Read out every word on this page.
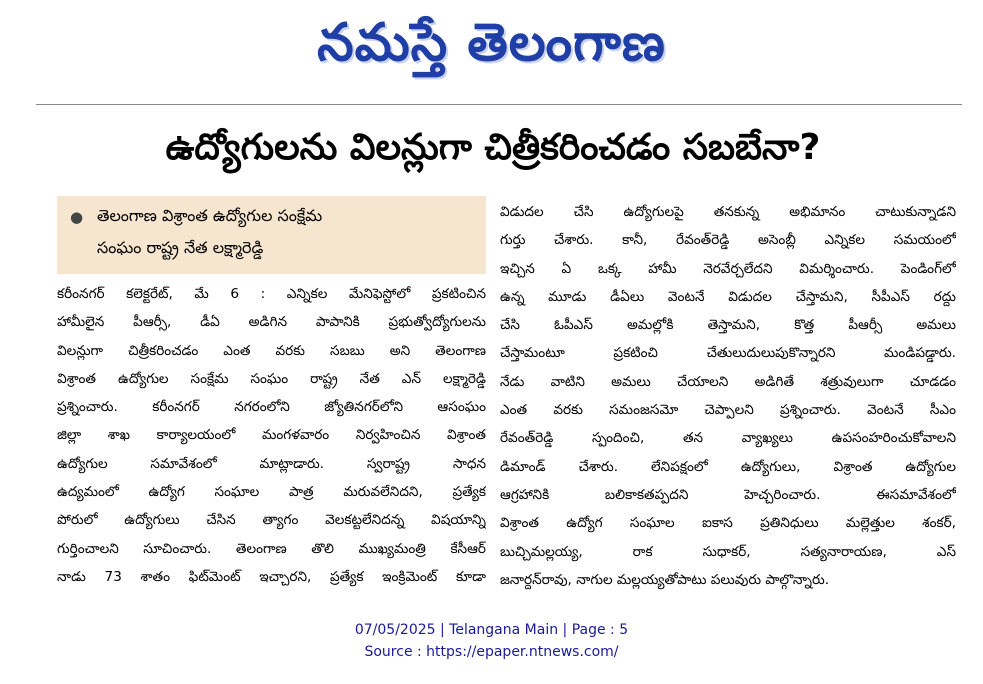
నమస్తే తెలంగాణ
ఉద్యోగులను విలన్లుగా చిత్రీకరించడం సబబేనా?
● తెలంగాణ విశ్రాంత ఉద్యోగుల సంక్షేమ
సంఘం రాష్ట్ర నేత లక్ష్మారెడ్డి
కరీంనగర్ కలెక్టరేట్, మే 6 : ఎన్నికల మేనిఫెస్టోలో ప్రకటించిన
హామీలైన పీఆర్సీ, డీఏ అడిగిన పాపానికి ప్రభుత్వోద్యోగులను
విలన్లుగా చిత్రీకరించడం ఎంత వరకు సబబు అని తెలంగాణ
విశ్రాంత ఉద్యోగుల సంక్షేమ సంఘం రాష్ట్ర నేత ఎన్ లక్ష్మారెడ్డి
ప్రశ్నించారు. కరీంనగర్ నగరంలోని జ్యోతినగర్‌లోని ఆసంఘం
జిల్లా శాఖ కార్యాలయంలో మంగళవారం నిర్వహించిన విశ్రాంత
ఉద్యోగుల సమావేశంలో మాట్లాడారు. స్వరాష్ట్ర సాధన
ఉద్యమంలో ఉద్యోగ సంఘాల పాత్ర మరువలేనిదని, ప్రత్యేక
పోరులో ఉద్యోగులు చేసిన త్యాగం వెలకట్టలేనిదన్న విషయాన్ని
గుర్తించాలని సూచించారు. తెలంగాణ తొలి ముఖ్యమంత్రి కేసీఆర్
నాడు 73 శాతం ఫిట్‌మెంట్ ఇచ్చారని, ప్రత్యేక ఇంక్రిమెంట్ కూడా
విడుదల చేసి ఉద్యోగులపై తనకున్న అభిమానం చాటుకున్నాడని
గుర్తు చేశారు. కానీ, రేవంత్‌రెడ్డి అసెంబ్లీ ఎన్నికల సమయంలో
ఇచ్చిన ఏ ఒక్క హామీ నెరవేర్చలేదని విమర్శించారు. పెండింగ్‌లో
ఉన్న మూడు డీఏలు వెంటనే విడుదల చేస్తామని, సీపీఎస్ రద్దు
చేసి ఓపీఎస్ అమల్లోకి తెస్తామని, కొత్త పీఆర్సీ అమలు
చేస్తామంటూ ప్రకటించి చేతులుదులుపుకొన్నారని మండిపడ్డారు.
నేడు వాటిని అమలు చేయాలని అడిగితే శత్రువులుగా చూడడం
ఎంత వరకు సమంజసమో చెప్పాలని ప్రశ్నించారు. వెంటనే సీఎం
రేవంత్‌రెడ్డి స్పందించి, తన వ్యాఖ్యలు ఉపసంహరించుకోవాలని
డిమాండ్ చేశారు. లేనిపక్షంలో ఉద్యోగులు, విశ్రాంత ఉద్యోగుల
ఆగ్రహానికి బలికాకతప్పదని హెచ్చరించారు. ఈసమావేశంలో
విశ్రాంత ఉద్యోగ సంఘాల ఐకాస ప్రతినిధులు మల్లెత్తుల శంకర్,
బుచ్చిమల్లయ్య, రాక సుధాకర్, సత్యనారాయణ, ఎస్
జనార్దన్‌రావు, నాగుల మల్లయ్యతోపాటు పలువురు పాల్గొన్నారు.
07/05/2025 | Telangana Main | Page : 5
Source : https://epaper.ntnews.com/
